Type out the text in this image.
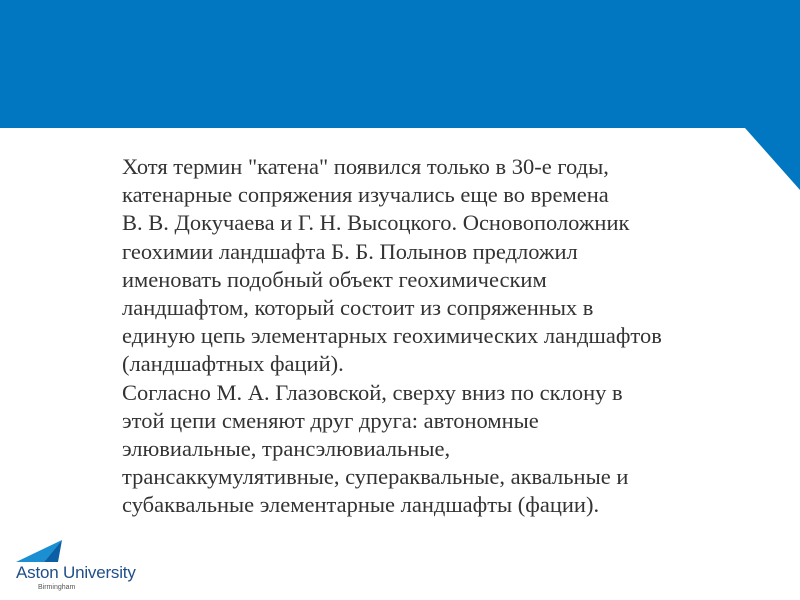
Хотя термин "катена" появился только в 30-е годы,
катенарные сопряжения изучались еще во времена
В. В. Докучаева и Г. Н. Высоцкого. Основоположник
геохимии ландшафта Б. Б. Полынов предложил
именовать подобный объект геохимическим
ландшафтом, который состоит из сопряженных в
единую цепь элементарных геохимических ландшафтов
(ландшафтных фаций).

Согласно М. А. Глазовской, сверху вниз по склону в
этой цепи сменяют друг друга: автономные
элювиальные, трансэлювиальные,
трансаккумулятивные, супераквальные, аквальные и
субаквальные элементарные ландшафты (фации).

Aston University
Birmingham
